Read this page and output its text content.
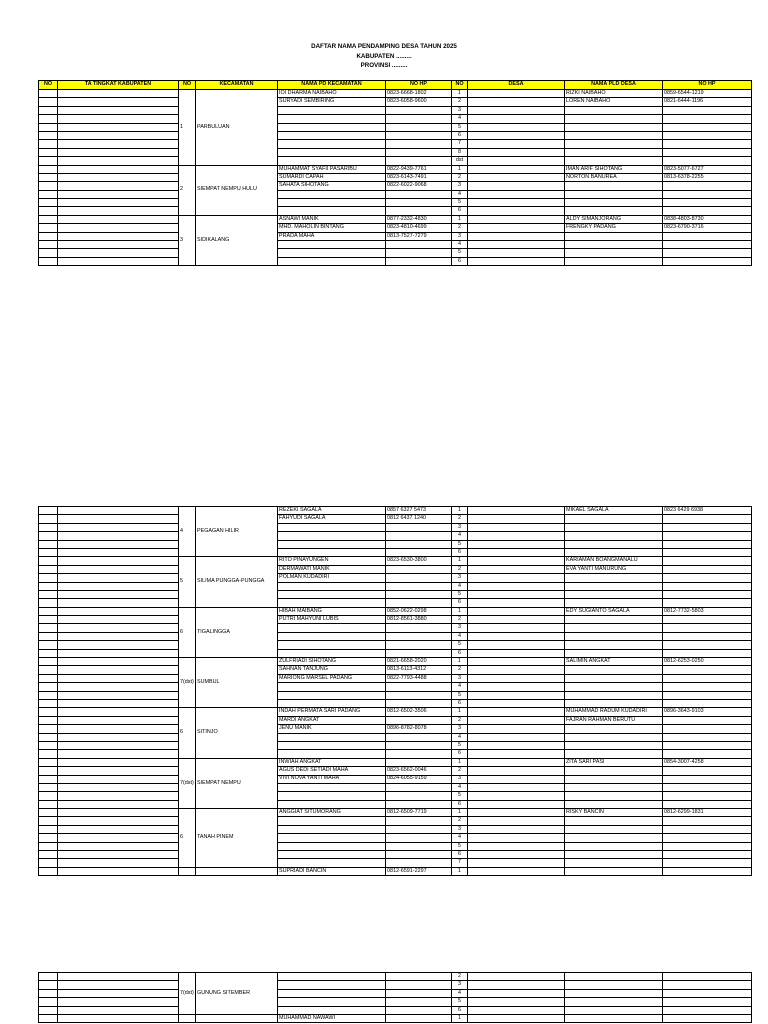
DAFTAR NAMA PENDAMPING DESA TAHUN 2025
KABUPATEN .........
PROVINSI .........
NO	TA TINGKAT KABUPATEN	NO	KECAMATAN	NAMA PD KECAMATAN	NO HP	NO	DESA	NAMA PLD DESA	NO HP
		1	PARBULUAN	IOI DHARMA NAIBAHO	0823-6668-1802	1		RIZKI NAIBAHO	0859-6544-1219
				SURYADI SEMBIRING	0823-6058-9600	2		LOREN NAIBAHO	0821-6444-1196
						3			
						4			
						5			
						6			
						7			
						8			
						dst			
		2	SIEMPAT NEMPU HULU	MUHAMMAT SYAFII PASARIBU	0822-9439-7761	1		IMAN ARIF SIHOTANG	0823-5077-6727
				SUMARDI CAPAH	0823-6143-7491	2		NORTON BANUREA	0813-6378-2255
				SAHATA SIHOTANG	0822-6022-9068	3			
						4			
						5			
						6			
		3	SIDIKALANG	ASNAWI MANIK	0877-2332-4830	1		ALDY SIMANJORANG	0838-4803-8730
				MHD. MAHOLIN BINTANG	0823-4810-4699	2		FRENGKY PADANG	0823-6790-3716
				PRADA MAHA	0813-7527-7279	3			
						4			
						5			
						6			
		4	PEGAGAN HILIR	REZEKI SAGALA	0857 6327 5473	1		MIKAEL SAGALA	0823 6429 6938
				FAHYUDI SAGALA	0812 6437 1240	2			
						3			
						4			
						5			
						6			
		5	SILIMA PUNGGA-PUNGGA	RITO PINAYUNGEN	0823-6530-3800	1		KARIAMAN BOANGMANALU	
				DERMAWATI MANIK		2		EVA YANTI MANURUNG	
				POLMAN KUDADIRI		3			
						4			
						5			
						6			
		6	TIGALINGGA	HIBAH MAIBANG	0852-0622-0298	1		EDY SUGIANTO SAGALA	0812-7732-5803
				PUTRI MAHYUNI LUBIS	0812-8561-3880	2			
						3			
						4			
						5			
						6			
		7(dst)	SUMBUL	ZULFRIADI SIHOTANG	0821-6658-2020	1		SALIMIN ANGKAT	0812-6253-0250
				SAHNAN TANJUNG	0813-6113-4312	2			
				MARIONG MARSEL PADANG	0822-7793-4488	3			
						4			
						5			
						6			
		6	SITINJO	INDAH PERMATA SARI PADANG	0812-6502-3506	1		MUHAMMAD RADUM KUDADIRI	0896-3643-9103
				MARDI ANGKAT		2		FAJRAN RAHMAN BERUTU	
				JENU MANIK	0896-8782-8078	3			
						4			
						5			
						6			
		7(dst)	SIEMPAT NEMPU	INWIAH ANGKAT		1		ZITA SARI PASI	0854-3007-4258
				AGUS DEDI SETIADI MAHA	0823-6562-0046	2			
				VIVI NOVA YANTI MAHA	0824-6055-9159	3			
						4			
						5			
						6			
		6	TANAH PINEM	ANGGIAT SITUMORANG	0812-6509-7719	1		RISKY BANCIN	0812-6299-1831
						2			
						3			
						4			
						5			
						6			
						7			
				SUPRIADI BANCIN	0812-6591-2297	1			
		7(dst)	GUNUNG SITEMBER			2			
						3			
						4			
						5			
						6			
				MUHAMMAD NAWAWI		1			
